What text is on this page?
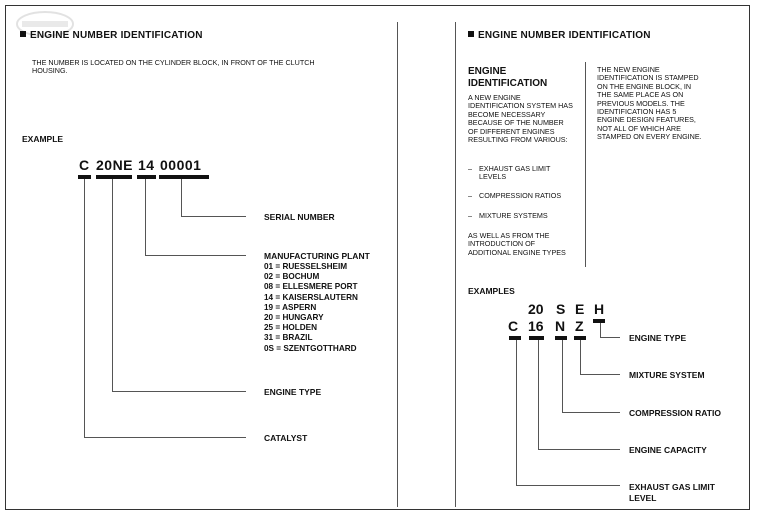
ENGINE NUMBER IDENTIFICATION
THE NUMBER IS LOCATED ON THE CYLINDER BLOCK, IN FRONT OF THE CLUTCH HOUSING.
EXAMPLE
C 20NE 14 00001
SERIAL NUMBER
MANUFACTURING PLANT
01 = RUESSELSHEIM
02 = BOCHUM
08 = ELLESMERE PORT
14 = KAISERSLAUTERN
19 = ASPERN
20 = HUNGARY
25 = HOLDEN
31 = BRAZIL
0S = SZENTGOTTHARD
ENGINE TYPE
CATALYST
ENGINE NUMBER IDENTIFICATION
ENGINE IDENTIFICATION
A NEW ENGINE IDENTIFICATION SYSTEM HAS BECOME NECESSARY BECAUSE OF THE NUMBER OF DIFFERENT ENGINES RESULTING FROM VARIOUS:
– EXHAUST GAS LIMIT LEVELS
– COMPRESSION RATIOS
– MIXTURE SYSTEMS
AS WELL AS FROM THE INTRODUCTION OF ADDITIONAL ENGINE TYPES
THE NEW ENGINE IDENTIFICATION IS STAMPED ON THE ENGINE BLOCK, IN THE SAME PLACE AS ON PREVIOUS MODELS. THE IDENTIFICATION HAS 5 ENGINE DESIGN FEATURES, NOT ALL OF WHICH ARE STAMPED ON EVERY ENGINE.
EXAMPLES
20 S E H
C 16 N Z
ENGINE TYPE
MIXTURE SYSTEM
COMPRESSION RATIO
ENGINE CAPACITY
EXHAUST GAS LIMIT LEVEL
